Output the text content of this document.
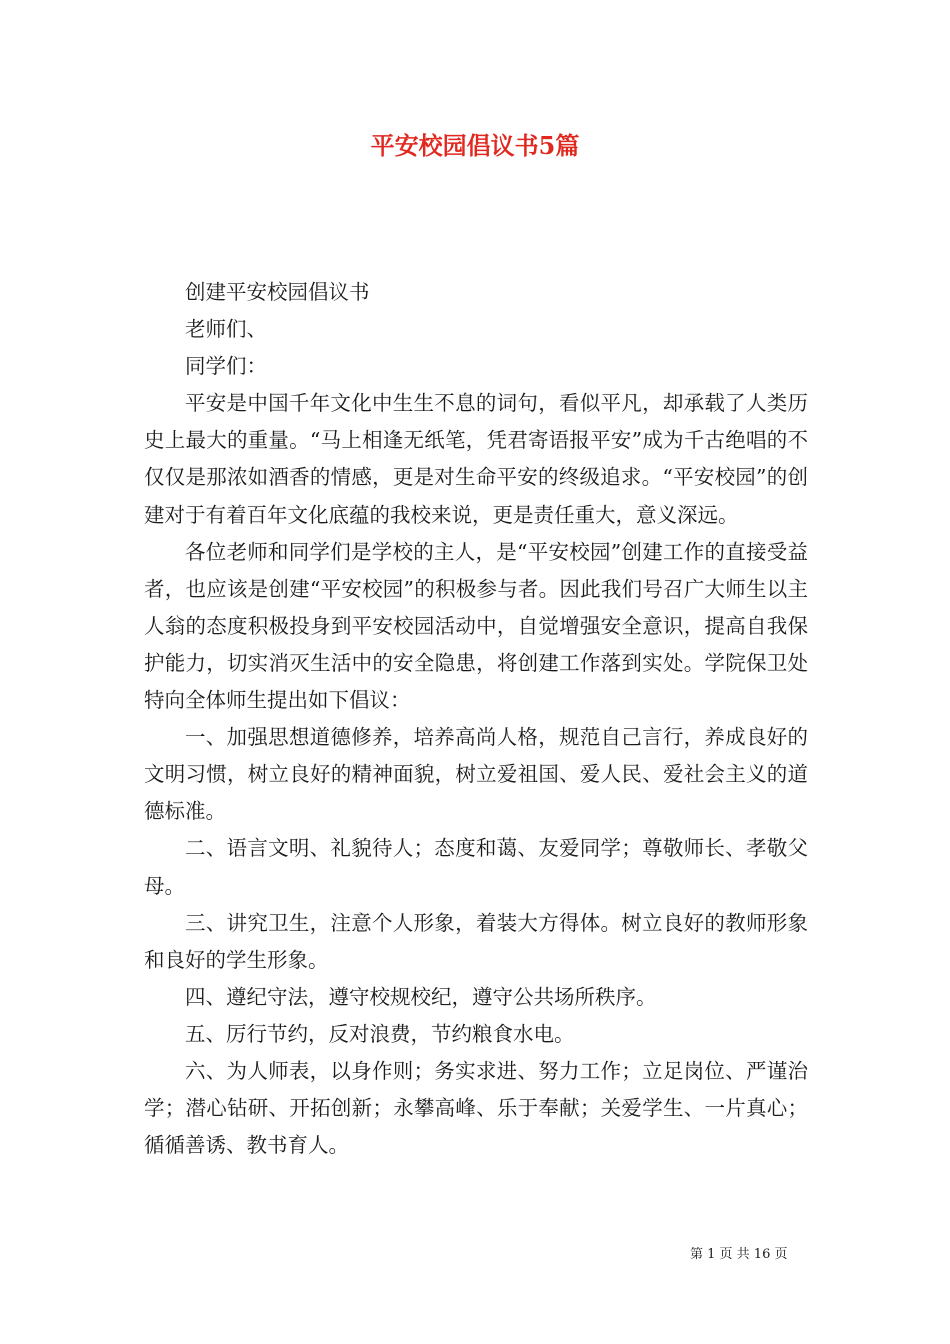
平安校园倡议书5篇

创建平安校园倡议书

老师们、

同学们：

平安是中国千年文化中生生不息的词句，看似平凡，却承载了人类历史上最大的重量。“马上相逢无纸笔，凭君寄语报平安”成为千古绝唱的不仅仅是那浓如酒香的情感，更是对生命平安的终级追求。“平安校园”的创建对于有着百年文化底蕴的我校来说，更是责任重大，意义深远。

各位老师和同学们是学校的主人，是“平安校园”创建工作的直接受益者，也应该是创建“平安校园”的积极参与者。因此我们号召广大师生以主人翁的态度积极投身到平安校园活动中，自觉增强安全意识，提高自我保护能力，切实消灭生活中的安全隐患，将创建工作落到实处。学院保卫处特向全体师生提出如下倡议：

一、加强思想道德修养，培养高尚人格，规范自己言行，养成良好的文明习惯，树立良好的精神面貌，树立爱祖国、爱人民、爱社会主义的道德标准。

二、语言文明、礼貌待人；态度和蔼、友爱同学；尊敬师长、孝敬父母。

三、讲究卫生，注意个人形象，着装大方得体。树立良好的教师形象和良好的学生形象。

四、遵纪守法，遵守校规校纪，遵守公共场所秩序。

五、厉行节约，反对浪费，节约粮食水电。

六、为人师表，以身作则；务实求进、努力工作；立足岗位、严谨治学；潜心钻研、开拓创新；永攀高峰、乐于奉献；关爱学生、一片真心；循循善诱、教书育人。

第 1 页 共 16 页
